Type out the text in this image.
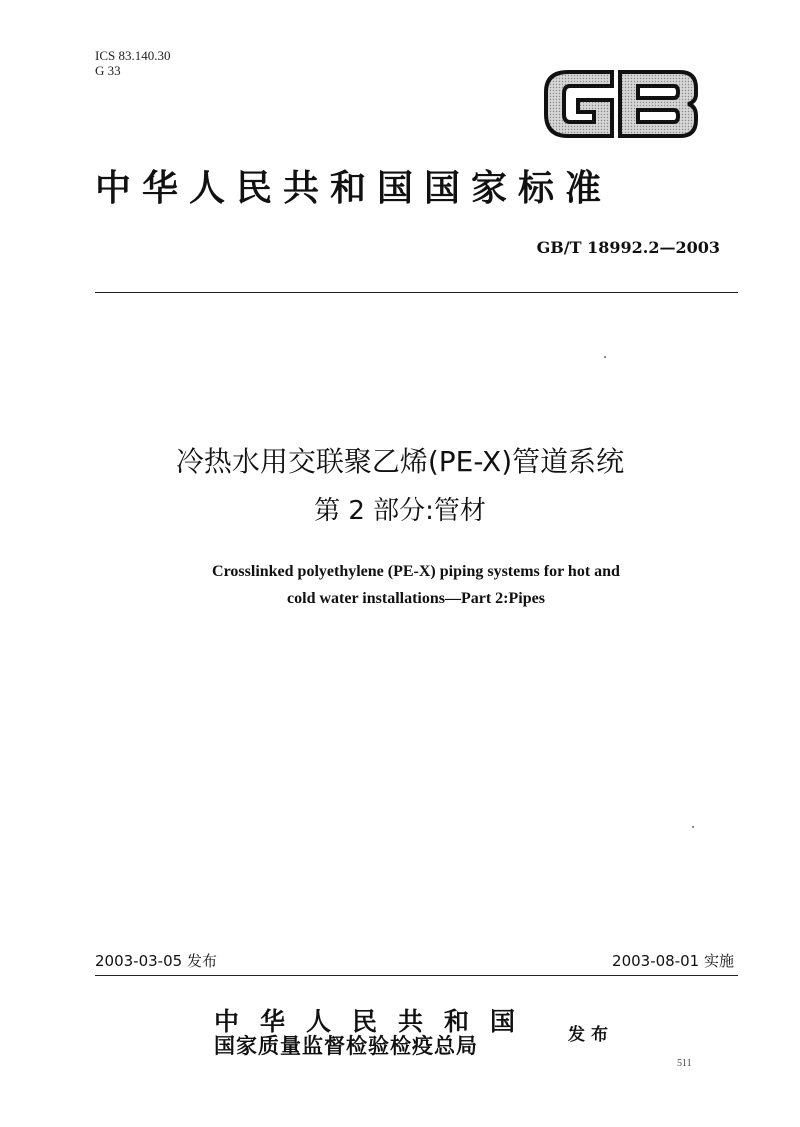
ICS 83.140.30
G 33
中华人民共和国国家标准
GB/T 18992.2—2003
冷热水用交联聚乙烯(PE-X)管道系统
第 2 部分:管材
Crosslinked polyethylene (PE-X) piping systems for hot and
cold water installations—Part 2:Pipes
2003-03-05 发布	2003-08-01 实施
中华人民共和国
国家质量监督检验检疫总局	发布
511
